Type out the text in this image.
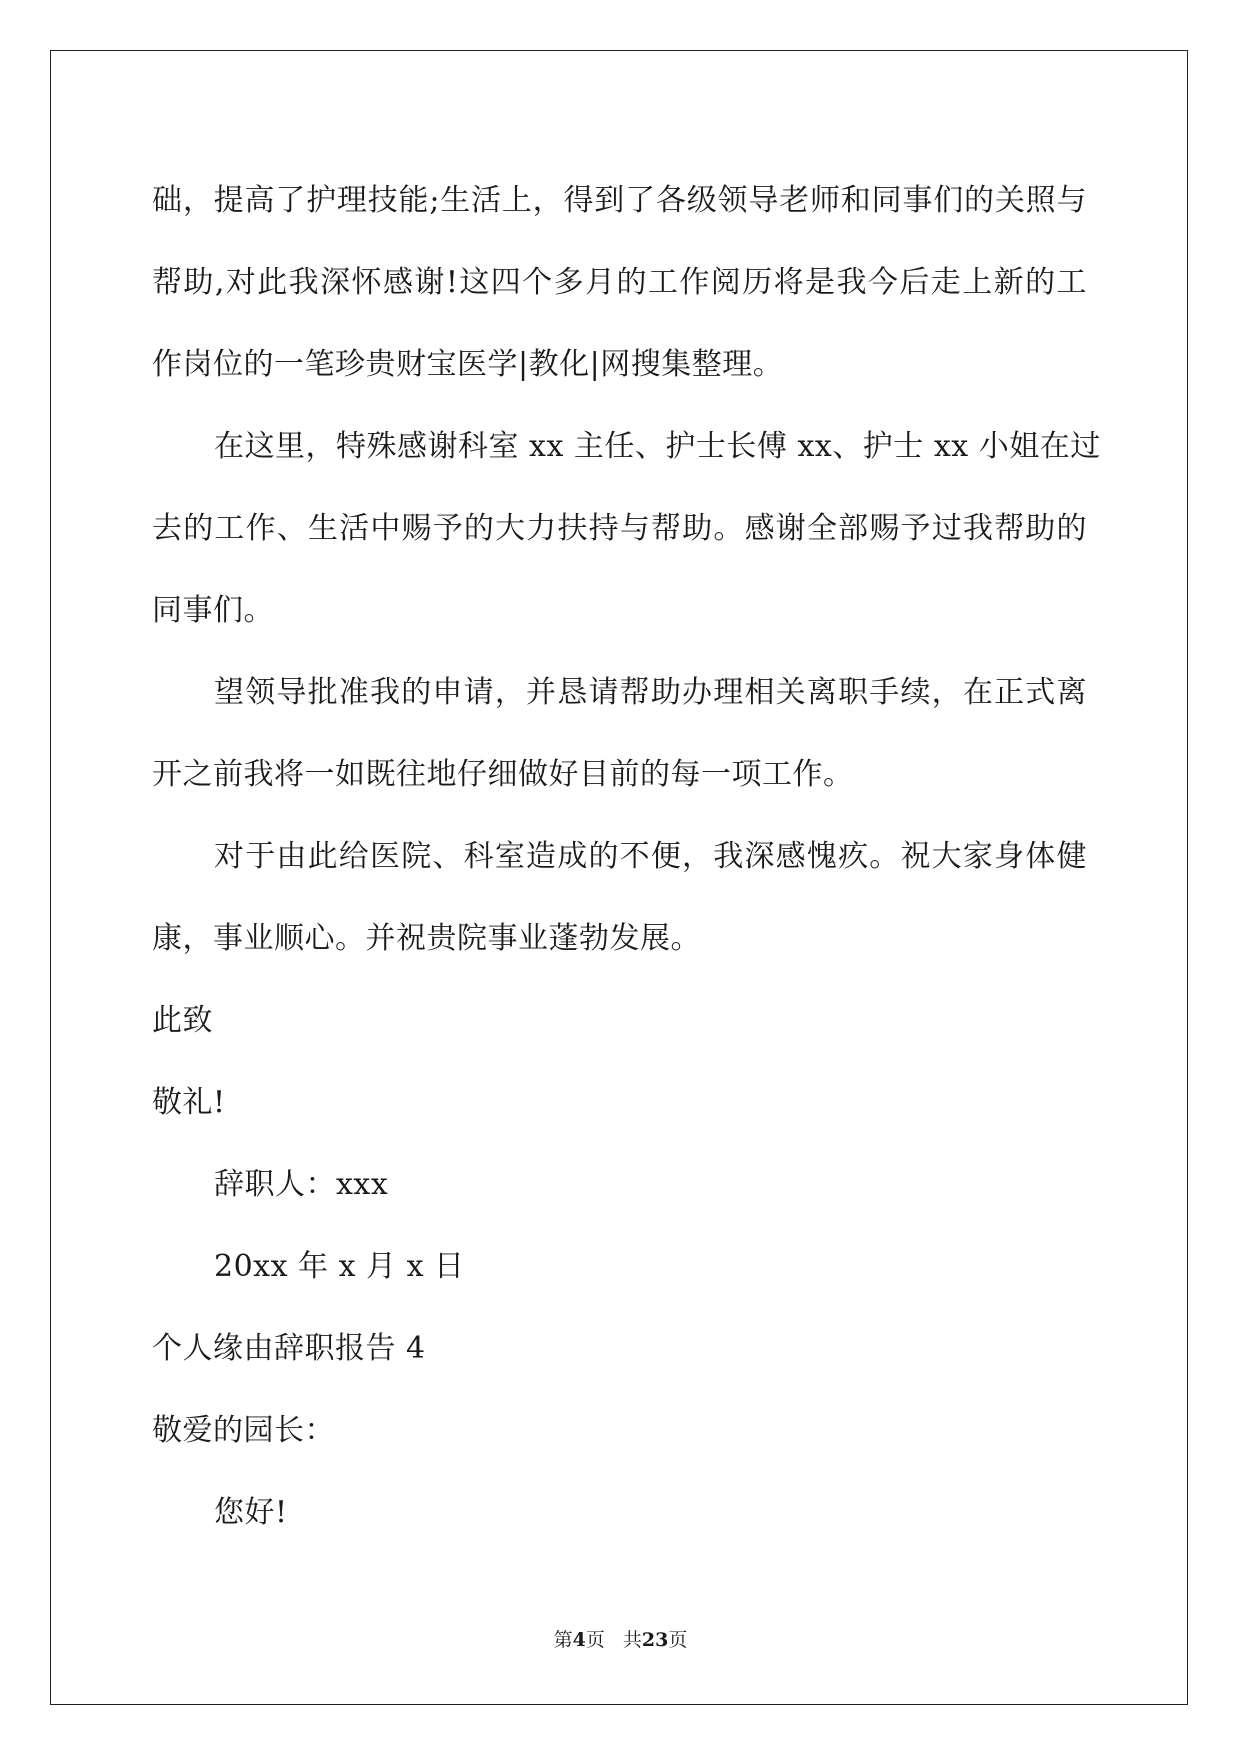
础，提高了护理技能;生活上，得到了各级领导老师和同事们的关照与
帮助,对此我深怀感谢!这四个多月的工作阅历将是我今后走上新的工
作岗位的一笔珍贵财宝医学|教化|网搜集整理。
在这里，特殊感谢科室 xx 主任、护士长傅 xx、护士 xx 小姐在过
去的工作、生活中赐予的大力扶持与帮助。感谢全部赐予过我帮助的
同事们。
望领导批准我的申请，并恳请帮助办理相关离职手续，在正式离
开之前我将一如既往地仔细做好目前的每一项工作。
对于由此给医院、科室造成的不便，我深感愧疚。祝大家身体健
康，事业顺心。并祝贵院事业蓬勃发展。
此致
敬礼!
辞职人：xxx
20xx 年 x 月 x 日
个人缘由辞职报告 4
敬爱的园长：
您好!
第4页 共23页
